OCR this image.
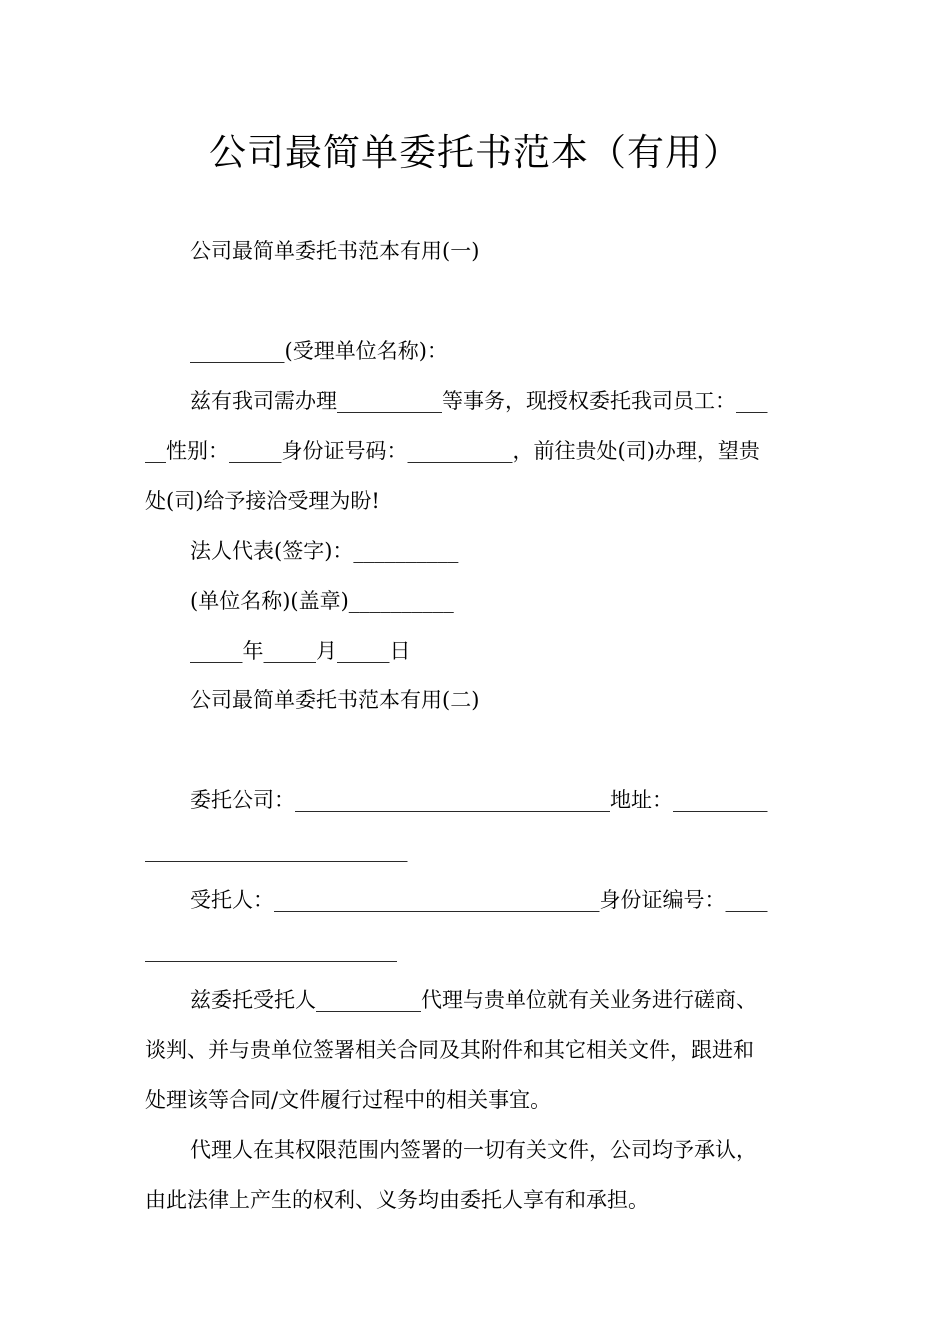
公司最简单委托书范本（有用）

公司最简单委托书范本有用(一)

_________(受理单位名称)：

兹有我司需办理__________等事务，现授权委托我司员工：___

__性别：_____身份证号码：__________，前往贵处(司)办理，望贵

处(司)给予接洽受理为盼!

法人代表(签字)：__________

(单位名称)(盖章)__________

_____年_____月_____日

公司最简单委托书范本有用(二)

委托公司：______________________________地址：_________

_________________________

受托人：_______________________________身份证编号：____

________________________

兹委托受托人__________代理与贵单位就有关业务进行磋商、

谈判、并与贵单位签署相关合同及其附件和其它相关文件，跟进和

处理该等合同/文件履行过程中的相关事宜。

代理人在其权限范围内签署的一切有关文件，公司均予承认，

由此法律上产生的权利、义务均由委托人享有和承担。
